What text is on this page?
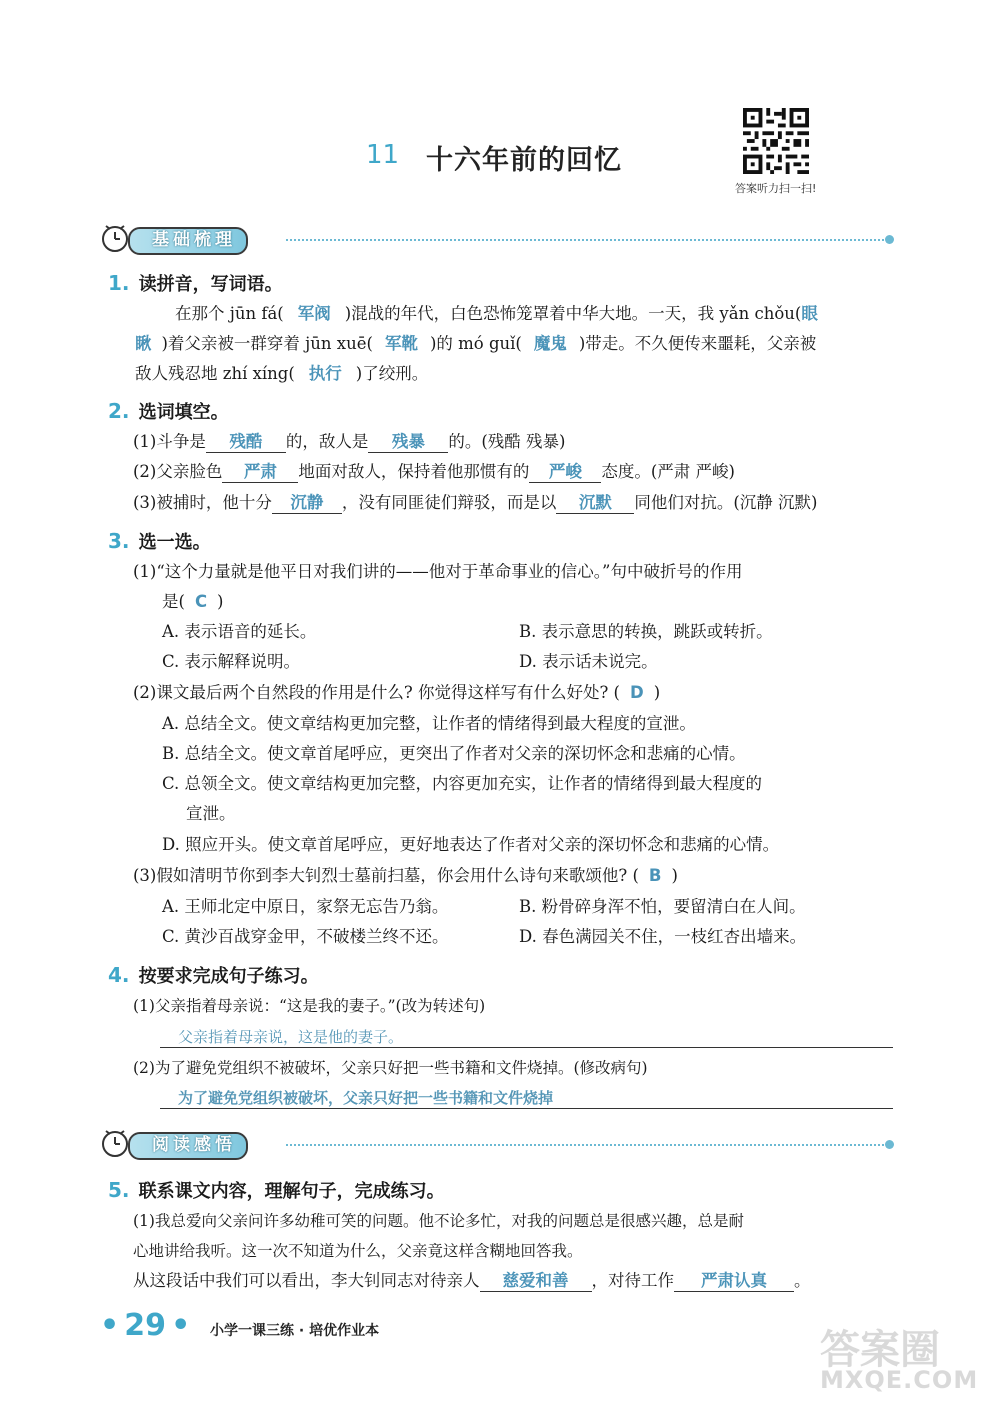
11 十六年前的回忆
答案听力扫一扫!
基础梳理
1. 读拼音，写词语。
在那个 jūn fá( 军阀 )混战的年代，白色恐怖笼罩着中华大地。一天，我 yǎn chǒu(眼
瞅 )着父亲被一群穿着 jūn xuē( 军靴 )的 mó guǐ( 魔鬼 )带走。不久便传来噩耗，父亲被
敌人残忍地 zhí xíng( 执行 )了绞刑。
2. 选词填空。
(1)斗争是 残酷 的，敌人是 残暴 的。(残酷 残暴)
(2)父亲脸色 严肃 地面对敌人，保持着他那惯有的 严峻 态度。(严肃 严峻)
(3)被捕时，他十分 沉静 ，没有同匪徒们辩驳，而是以 沉默 同他们对抗。(沉静 沉默)
3. 选一选。
(1)“这个力量就是他平日对我们讲的——他对于革命事业的信心。”句中破折号的作用
是( C )
A. 表示语音的延长。	B. 表示意思的转换，跳跃或转折。
C. 表示解释说明。	D. 表示话未说完。
(2)课文最后两个自然段的作用是什么? 你觉得这样写有什么好处? ( D )
A. 总结全文。使文章结构更加完整，让作者的情绪得到最大程度的宣泄。
B. 总结全文。使文章首尾呼应，更突出了作者对父亲的深切怀念和悲痛的心情。
C. 总领全文。使文章结构更加完整，内容更加充实，让作者的情绪得到最大程度的
宣泄。
D. 照应开头。使文章首尾呼应，更好地表达了作者对父亲的深切怀念和悲痛的心情。
(3)假如清明节你到李大钊烈士墓前扫墓，你会用什么诗句来歌颂他? ( B )
A. 王师北定中原日，家祭无忘告乃翁。	B. 粉骨碎身浑不怕，要留清白在人间。
C. 黄沙百战穿金甲，不破楼兰终不还。	D. 春色满园关不住，一枝红杏出墙来。
4. 按要求完成句子练习。
(1)父亲指着母亲说：“这是我的妻子。”(改为转述句)
父亲指着母亲说，这是他的妻子。
(2)为了避免党组织不被破坏，父亲只好把一些书籍和文件烧掉。(修改病句)
为了避免党组织被破坏，父亲只好把一些书籍和文件烧掉
阅读感悟
5. 联系课文内容，理解句子，完成练习。
(1)我总爱向父亲问许多幼稚可笑的问题。他不论多忙，对我的问题总是很感兴趣，总是耐
心地讲给我听。这一次不知道为什么，父亲竟这样含糊地回答我。
从这段话中我们可以看出，李大钊同志对待亲人 慈爱和善 ，对待工作 严肃认真 。
• 29 • 小学一课三练 · 培优作业本	答案圈
MXQE.COM
